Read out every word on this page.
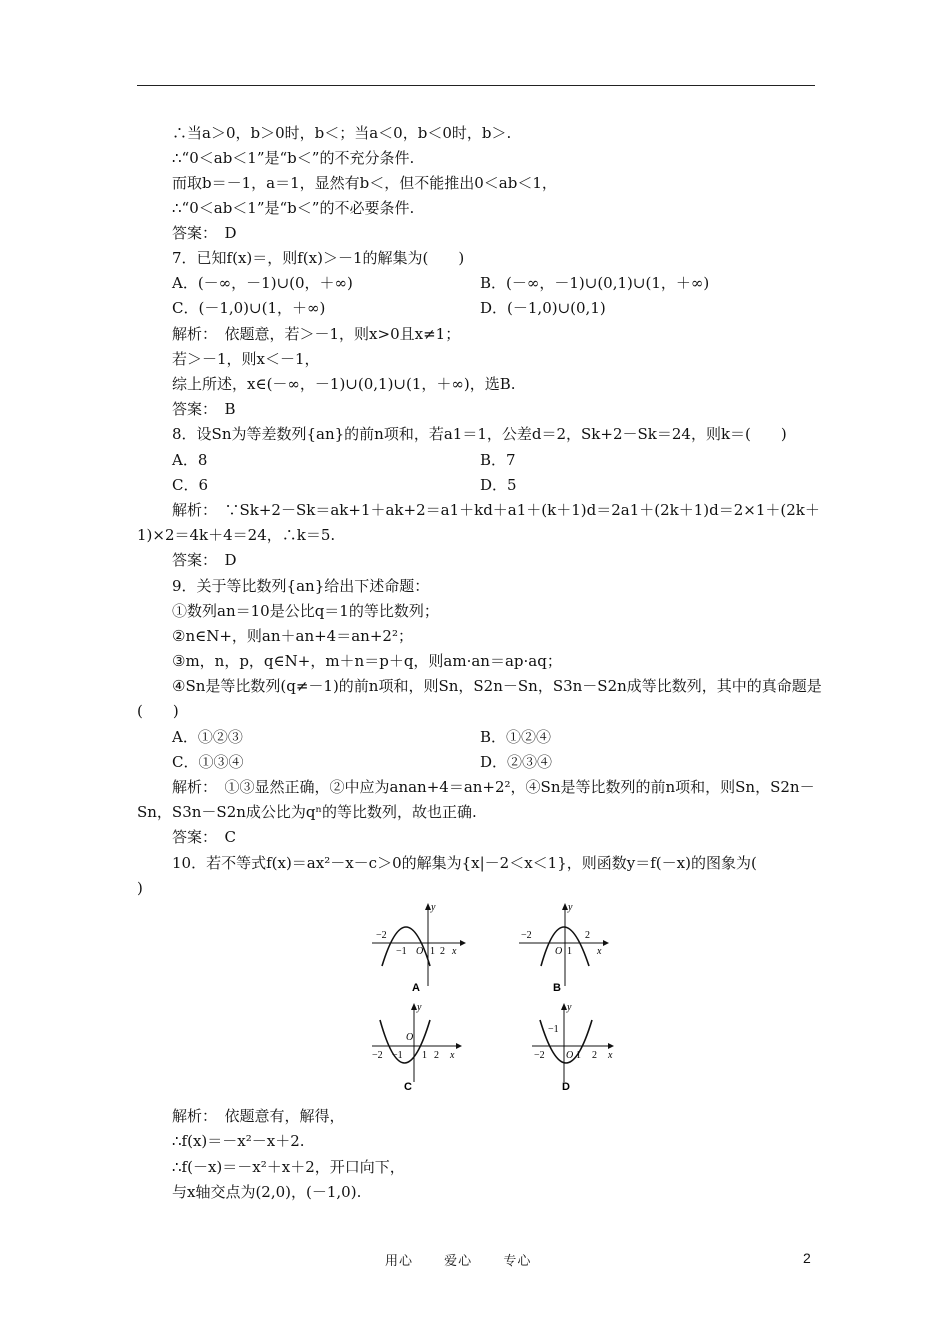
∴当a＞0，b＞0时，b＜；当a＜0，b＜0时，b＞.
∴“0＜ab＜1”是“b＜”的不充分条件.
而取b＝－1，a＝1，显然有b＜，但不能推出0＜ab＜1，
∴“0＜ab＜1”是“b＜”的不必要条件.
答案：　D
7．已知f(x)＝，则f(x)＞－1的解集为(　　)
A．(－∞，－1)∪(0，＋∞)	B．(－∞，－1)∪(0,1)∪(1，＋∞)
C．(－1,0)∪(1，＋∞)	D．(－1,0)∪(0,1)
解析：　依题意，若＞－1，则x>0且x≠1；
若＞－1，则x＜－1，
综上所述，x∈(－∞，－1)∪(0,1)∪(1，＋∞)，选B.
答案：　B
8．设Sn为等差数列{an}的前n项和，若a1＝1，公差d＝2，Sk+2－Sk＝24，则k＝(　　)
A．8	B．7
C．6	D．5
解析：　∵Sk+2－Sk＝ak+1＋ak+2＝a1＋kd＋a1＋(k＋1)d＝2a1＋(2k＋1)d＝2×1＋(2k＋
1)×2＝4k＋4＝24，∴k＝5.
答案：　D
9．关于等比数列{an}给出下述命题：
①数列an＝10是公比q＝1的等比数列；
②n∈N+，则an＋an+4＝an+2²；
③m，n，p，q∈N+，m＋n＝p＋q，则am·an＝ap·aq；
④Sn是等比数列(q≠－1)的前n项和，则Sn，S2n－Sn，S3n－S2n成等比数列，其中的真命题是
(　　)
A．①②③	B．①②④
C．①③④	D．②③④
解析：　①③显然正确，②中应为anan+4＝an+2²，④Sn是等比数列的前n项和，则Sn，S2n－
Sn，S3n－S2n成公比为qⁿ的等比数列，故也正确.
答案：　C
10．若不等式f(x)＝ax²－x－c＞0的解集为{x|－2＜x＜1}，则函数y＝f(－x)的图象为(
)
−2
−1 O 1 2 x
y
A
−2
O 1
2
x
y
B
−2 −1
O
1 2 x
y
C
−2
−1
O 1 2 x
y
D
解析：　依题意有，解得，
∴f(x)＝－x²－x＋2.
∴f(－x)＝－x²＋x＋2，开口向下，
与x轴交点为(2,0)，(－1,0).
用心 爱心 专心	2
